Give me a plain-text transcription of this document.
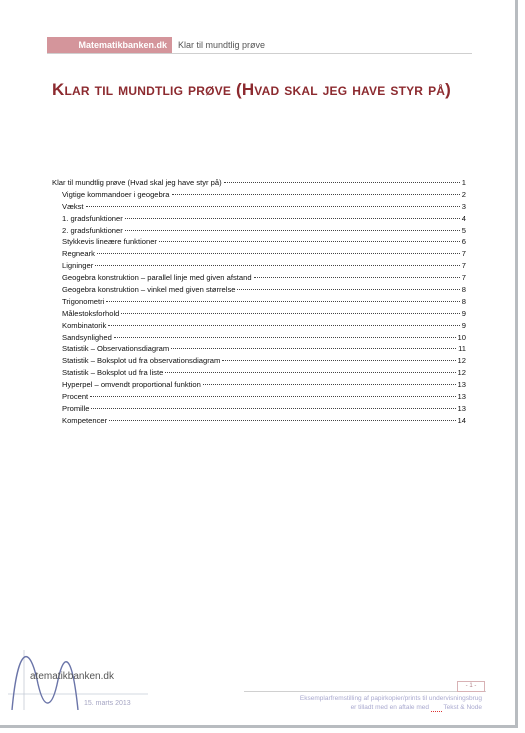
Matematikbanken.dk	Klar til mundtlig prøve
Klar til mundtlig prøve (Hvad skal jeg have styr på)
Klar til mundtlig prøve (Hvad skal jeg have styr på)	1
Vigtige kommandoer i geogebra	2
Vækst	3
1. gradsfunktioner	4
2. gradsfunktioner	5
Stykkevis lineære funktioner	6
Regneark	7
Ligninger	7
Geogebra konstruktion – parallel linje med given afstand	7
Geogebra konstruktion – vinkel med given størrelse	8
Trigonometri	8
Målestoksforhold	9
Kombinatorik	9
Sandsynlighed	10
Statistik – Observationsdiagram	11
Statistik – Boksplot ud fra observationsdiagram	12
Statistik – Boksplot ud fra liste	12
Hyperpel – omvendt proportional funktion	13
Procent	13
Promille	13
Kompetencer	14
atematikbanken.dk
15. marts 2013
- 1 -
Eksemplarfremstilling af papirkopier/prints til undervisningsbrug
er tilladt med en aftale med        Tekst & Node
